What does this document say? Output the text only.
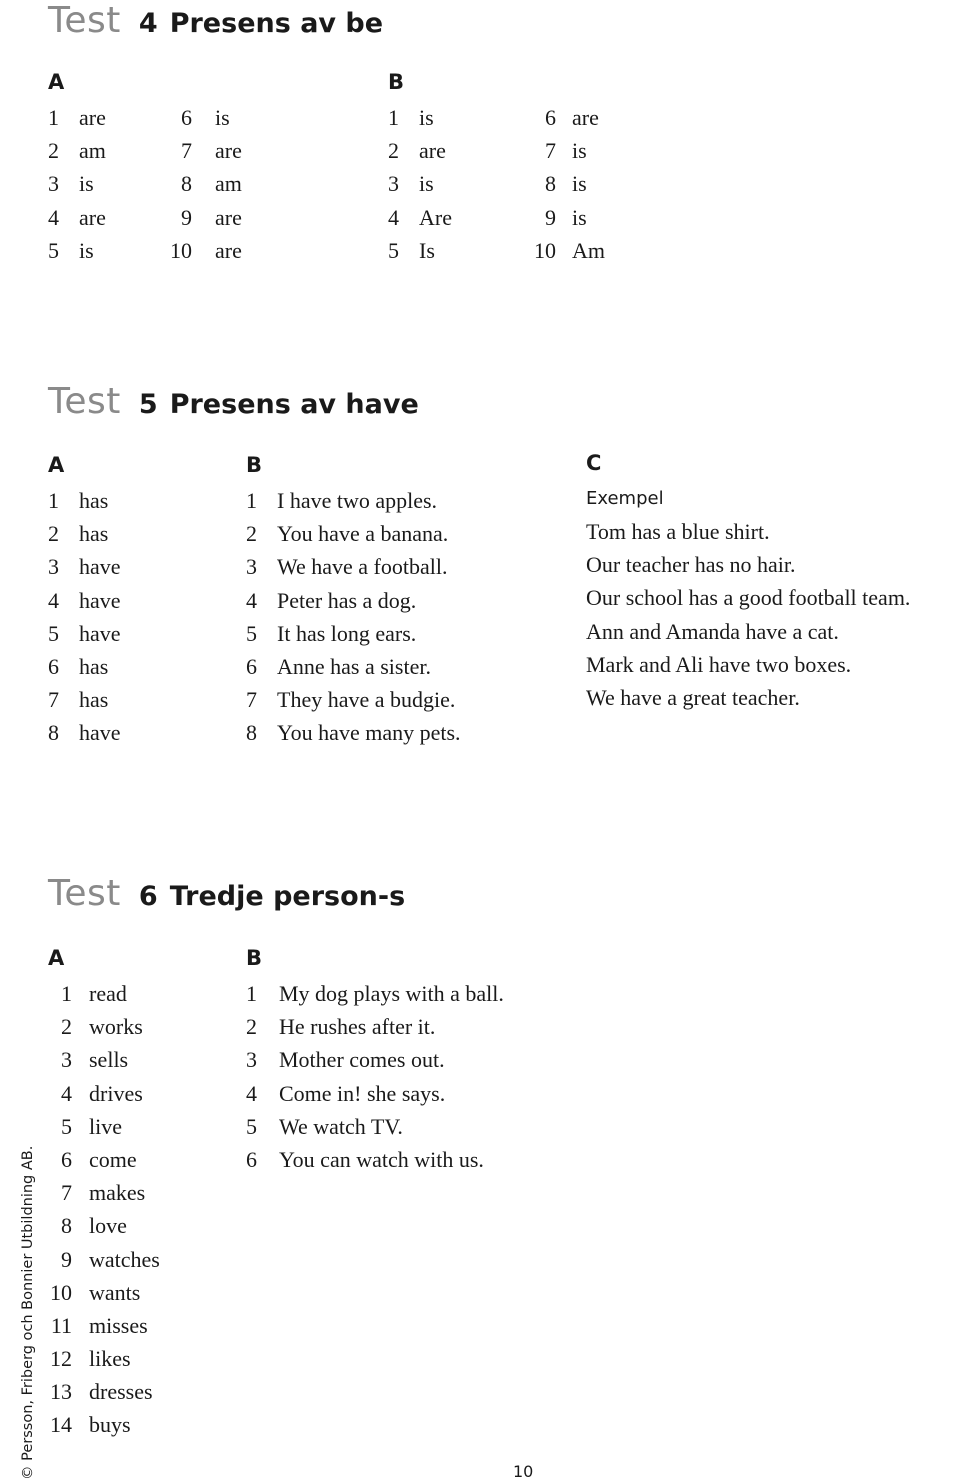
Test 4 Presens av be
A
1 are
2 am
3 is
4 are
5 is
6 is
7 are
8 am
9 are
10 are
B
1 is
2 are
3 is
4 Are
5 Is
6 are
7 is
8 is
9 is
10 Am
Test 5 Presens av have
A
1 has
2 has
3 have
4 have
5 have
6 has
7 has
8 have
B
1 I have two apples.
2 You have a banana.
3 We have a football.
4 Peter has a dog.
5 It has long ears.
6 Anne has a sister.
7 They have a budgie.
8 You have many pets.
C
Exempel
Tom has a blue shirt.
Our teacher has no hair.
Our school has a good football team.
Ann and Amanda have a cat.
Mark and Ali have two boxes.
We have a great teacher.
Test 6 Tredje person-s
A
1 read
2 works
3 sells
4 drives
5 live
6 come
7 makes
8 love
9 watches
10 wants
11 misses
12 likes
13 dresses
14 buys
B
1	My dog plays with a ball.
2	He rushes after it.
3	Mother comes out.
4	Come in! she says.
5	We watch TV.
6	You can watch with us.
© Persson, Friberg och Bonnier Utbildning AB.	10
